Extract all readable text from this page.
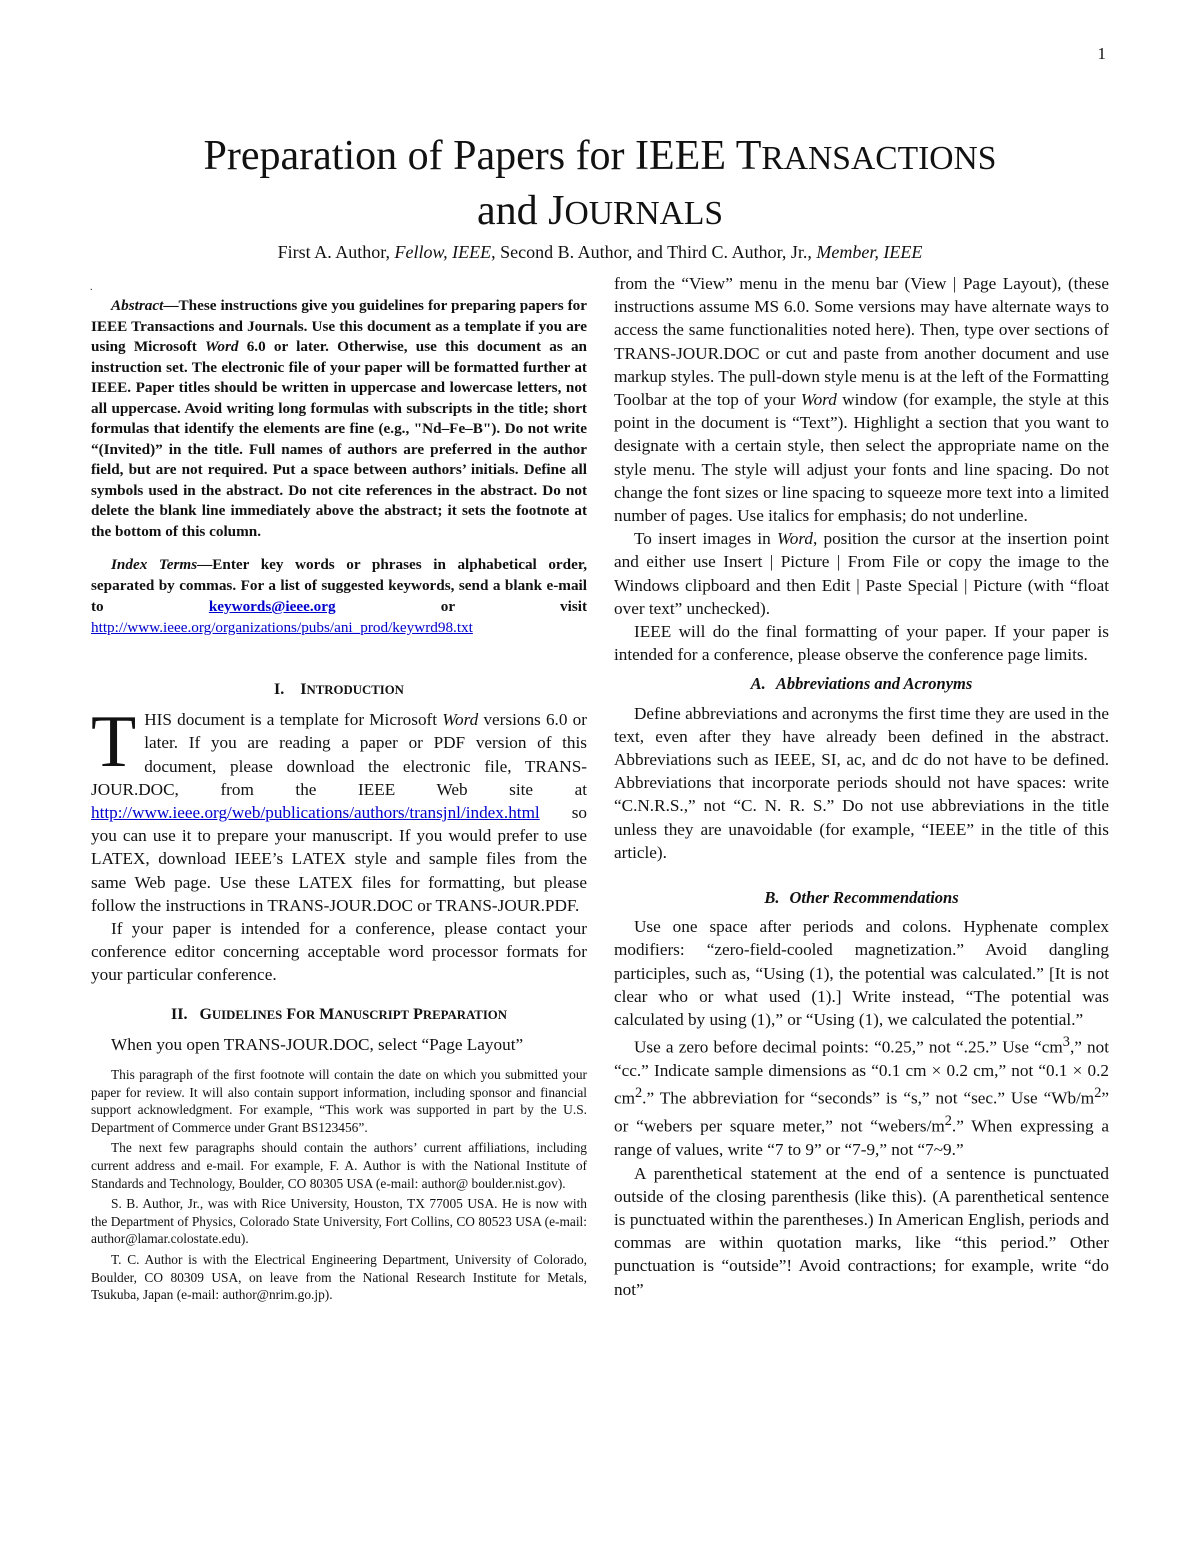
1
Preparation of Papers for IEEE TRANSACTIONS
and JOURNALS
First A. Author, Fellow, IEEE, Second B. Author, and Third C. Author, Jr., Member, IEEE
.

Abstract—These instructions give you guidelines for preparing papers for IEEE Transactions and Journals. Use this document as a template if you are using Microsoft Word 6.0 or later. Otherwise, use this document as an instruction set. The electronic file of your paper will be formatted further at IEEE. Paper titles should be written in uppercase and lowercase letters, not all uppercase. Avoid writing long formulas with subscripts in the title; short formulas that identify the elements are fine (e.g., "Nd–Fe–B"). Do not write “(Invited)” in the title. Full names of authors are preferred in the author field, but are not required. Put a space between authors’ initials. Define all symbols used in the abstract. Do not cite references in the abstract. Do not delete the blank line immediately above the abstract; it sets the footnote at the bottom of this column.

Index Terms—Enter key words or phrases in alphabetical order, separated by commas. For a list of suggested keywords, send a blank e-mail to keywords@ieee.org or visit http://www.ieee.org/organizations/pubs/ani_prod/keywrd98.txt

I. INTRODUCTION

THIS document is a template for Microsoft Word versions 6.0 or later. If you are reading a paper or PDF version of this document, please download the electronic file, TRANS-JOUR.DOC, from the IEEE Web site at http://www.ieee.org/web/publications/authors/transjnl/index.html so you can use it to prepare your manuscript. If you would prefer to use LATEX, download IEEE’s LATEX style and sample files from the same Web page. Use these LATEX files for formatting, but please follow the instructions in TRANS-JOUR.DOC or TRANS-JOUR.PDF.

If your paper is intended for a conference, please contact your conference editor concerning acceptable word processor formats for your particular conference.

II. GUIDELINES FOR MANUSCRIPT PREPARATION

When you open TRANS-JOUR.DOC, select “Page Layout”

This paragraph of the first footnote will contain the date on which you submitted your paper for review. It will also contain support information, including sponsor and financial support acknowledgment. For example, “This work was supported in part by the U.S. Department of Commerce under Grant BS123456”.

The next few paragraphs should contain the authors’ current affiliations, including current address and e-mail. For example, F. A. Author is with the National Institute of Standards and Technology, Boulder, CO 80305 USA (e-mail: author@ boulder.nist.gov).

S. B. Author, Jr., was with Rice University, Houston, TX 77005 USA. He is now with the Department of Physics, Colorado State University, Fort Collins, CO 80523 USA (e-mail: author@lamar.colostate.edu).

T. C. Author is with the Electrical Engineering Department, University of Colorado, Boulder, CO 80309 USA, on leave from the National Research Institute for Metals, Tsukuba, Japan (e-mail: author@nrim.go.jp).

from the “View” menu in the menu bar (View | Page Layout), (these instructions assume MS 6.0. Some versions may have alternate ways to access the same functionalities noted here). Then, type over sections of TRANS-JOUR.DOC or cut and paste from another document and use markup styles. The pull-down style menu is at the left of the Formatting Toolbar at the top of your Word window (for example, the style at this point in the document is “Text”). Highlight a section that you want to designate with a certain style, then select the appropriate name on the style menu. The style will adjust your fonts and line spacing. Do not change the font sizes or line spacing to squeeze more text into a limited number of pages. Use italics for emphasis; do not underline.

To insert images in Word, position the cursor at the insertion point and either use Insert | Picture | From File or copy the image to the Windows clipboard and then Edit | Paste Special | Picture (with “float over text” unchecked).

IEEE will do the final formatting of your paper. If your paper is intended for a conference, please observe the conference page limits.

A. Abbreviations and Acronyms

Define abbreviations and acronyms the first time they are used in the text, even after they have already been defined in the abstract. Abbreviations such as IEEE, SI, ac, and dc do not have to be defined. Abbreviations that incorporate periods should not have spaces: write “C.N.R.S.,” not “C. N. R. S.” Do not use abbreviations in the title unless they are unavoidable (for example, “IEEE” in the title of this article).

B. Other Recommendations

Use one space after periods and colons. Hyphenate complex modifiers: “zero-field-cooled magnetization.” Avoid dangling participles, such as, “Using (1), the potential was calculated.” [It is not clear who or what used (1).] Write instead, “The potential was calculated by using (1),” or “Using (1), we calculated the potential.”

Use a zero before decimal points: “0.25,” not “.25.” Use “$cm^3$,” not “cc.” Indicate sample dimensions as “0.1 cm × 0.2 cm,” not “0.1 × 0.2 $cm^2$.” The abbreviation for “seconds” is “s,” not “sec.” Use “$Wb/m^2$” or “webers per square meter,” not “$webers/m^2$.” When expressing a range of values, write “7 to 9” or “7-9,” not “7~9.”

A parenthetical statement at the end of a sentence is punctuated outside of the closing parenthesis (like this). (A parenthetical sentence is punctuated within the parentheses.) In American English, periods and commas are within quotation marks, like “this period.” Other punctuation is “outside”! Avoid contractions; for example, write “do not”
